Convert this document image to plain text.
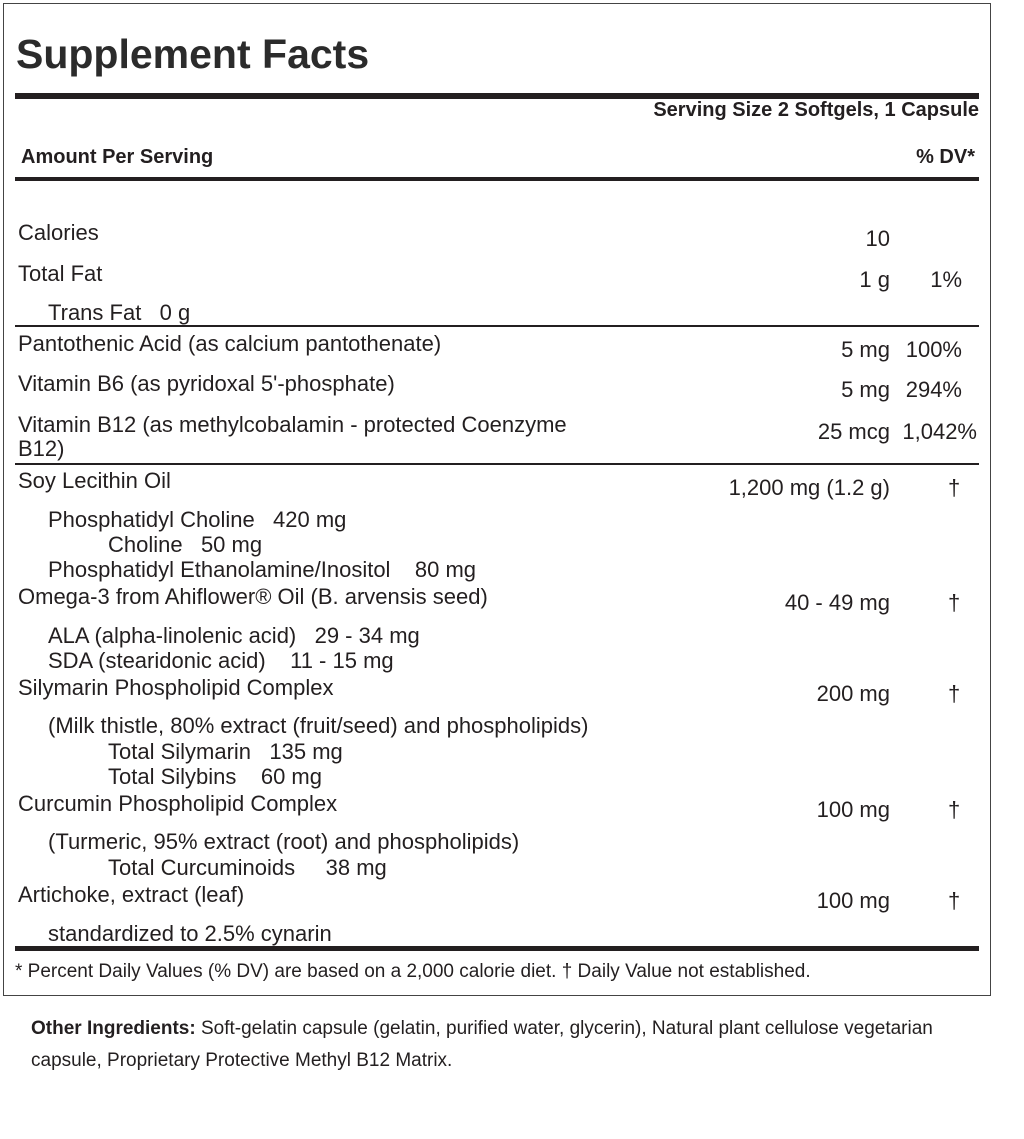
Supplement Facts
Serving Size 2 Softgels, 1 Capsule
Amount Per Serving	% DV*
Calories	10
Total Fat	1 g 1%
Trans Fat   0 g
Pantothenic Acid (as calcium pantothenate)	5 mg 100%
Vitamin B6 (as pyridoxal 5'-phosphate)	5 mg 294%
Vitamin B12 (as methylcobalamin - protected Coenzyme
B12)
25 mcg 1,042%
Soy Lecithin Oil	1,200 mg (1.2 g)	†
Phosphatidyl Choline   420 mg
Choline   50 mg
Phosphatidyl Ethanolamine/Inositol    80 mg
Omega-3 from Ahiflower® Oil (B. arvensis seed)	40 - 49 mg	†
ALA (alpha-linolenic acid)   29 - 34 mg
SDA (stearidonic acid)    11 - 15 mg
Silymarin Phospholipid Complex	200 mg	†
(Milk thistle, 80% extract (fruit/seed) and phospholipids)
Total Silymarin   135 mg
Total Silybins    60 mg
Curcumin Phospholipid Complex	100 mg	†
(Turmeric, 95% extract (root) and phospholipids)
Total Curcuminoids     38 mg
Artichoke, extract (leaf)	100 mg	†
standardized to 2.5% cynarin
* Percent Daily Values (% DV) are based on a 2,000 calorie diet. † Daily Value not established.
Other Ingredients: Soft-gelatin capsule (gelatin, purified water, glycerin), Natural plant cellulose vegetarian capsule, Proprietary Protective Methyl B12 Matrix.
